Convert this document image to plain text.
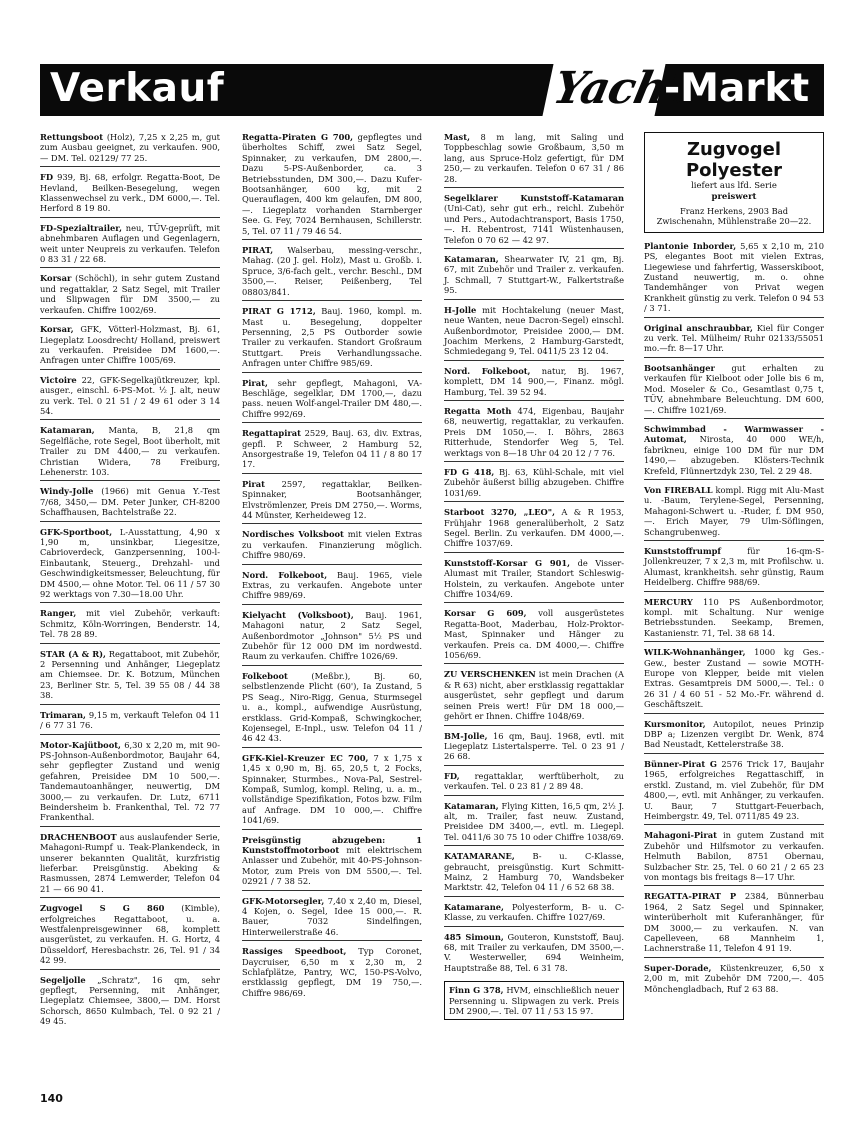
Verkauf	Yacht
-Markt

Rettungsboot (Holz), 7,25 x 2,25 m, gut zum Ausbau geeignet, zu verkaufen. 900,— DM. Tel. 02129/ 77 25.

FD 939, Bj. 68, erfolgr. Regatta-Boot, De Hevland, Beilken-Besegelung, wegen Klassenwechsel zu verk., DM 6000,—. Tel. Herford 8 19 80.

FD-Spezialtrailer, neu, TÜV-geprüft, mit abnehmbaren Auflagen und Gegenlagern, weit unter Neupreis zu verkaufen. Telefon 0 83 31 / 22 68.

Korsar (Schöchl), in sehr gutem Zustand und regattaklar, 2 Satz Segel, mit Trailer und Slipwagen für DM 3500,— zu verkaufen. Chiffre 1002/69.

Korsar, GFK, Vötterl-Holzmast, Bj. 61, Liegeplatz Loosdrecht/ Holland, preiswert zu verkaufen. Preisidee DM 1600,—. Anfragen unter Chiffre 1005/69.

Victoire 22, GFK-Segelkajütkreuzer, kpl. ausger., einschl. 6-PS-Mot. ½ J. alt, neuw zu verk. Tel. 0 21 51 / 2 49 61 oder 3 14 54.

Katamaran, Manta, B, 21,8 qm Segelfläche, rote Segel, Boot überholt, mit Trailer zu DM 4400,— zu verkaufen. Christian Widera, 78 Freiburg, Lehenerstr. 103.

Windy-Jolle (1966) mit Genua Y.-Test 7/68, 3450,— DM. Peter Junker, CH-8200 Schaffhausen, Bachtelstraße 22.

GFK-Sportboot, L-Ausstattung, 4,90 x 1,90 m, unsinkbar, Liegesitze, Cabrioverdeck, Ganzpersenning, 100-l-Einbautank, Steuerg., Drehzahl- und Geschwindigkeitsmesser, Beleuchtung, für DM 4500,— ohne Motor. Tel. 06 11 / 57 30 92 werktags von 7.30—18.00 Uhr.

Ranger, mit viel Zubehör, verkauft: Schmitz, Köln-Worringen, Benderstr. 14, Tel. 78 28 89.

STAR (A & R), Regattaboot, mit Zubehör, 2 Persenning und Anhänger, Liegeplatz am Chiemsee. Dr. K. Botzum, München 23, Berliner Str. 5, Tel. 39 55 08 / 44 38 38.

Trimaran, 9,15 m, verkauft Telefon 04 11 / 6 77 31 76.

Motor-Kajütboot, 6,30 x 2,20 m, mit 90-PS-Johnson-Außenbordmotor, Baujahr 64, sehr gepflegter Zustand und wenig gefahren, Preisidee DM 10 500,—. Tandemautoanhänger, neuwertig, DM 3000,— zu verkaufen. Dr. Lutz, 6711 Beindersheim b. Frankenthal, Tel. 72 77 Frankenthal.

DRACHENBOOT aus auslaufender Serie, Mahagoni-Rumpf u. Teak-Plankendeck, in unserer bekannten Qualität, kurzfristig lieferbar. Preisgünstig. Abeking & Rasmussen, 2874 Lemwerder, Telefon 04 21 — 66 90 41.

Zugvogel S G 860 (Kimble), erfolgreiches Regattaboot, u. a. Westfalenpreisgewinner 68, komplett ausgerüstet, zu verkaufen. H. G. Hortz, 4 Düsseldorf, Heresbachstr. 26, Tel. 91 / 34 42 99.

Segeljolle „Schratz", 16 qm, sehr gepflegt, Persenning, mit Anhänger, Liegeplatz Chiemsee, 3800,— DM. Horst Schorsch, 8650 Kulmbach, Tel. 0 92 21 / 49 45.

Regatta-Piraten G 700, gepflegtes und überholtes Schiff, zwei Satz Segel, Spinnaker, zu verkaufen, DM 2800,—. Dazu 5-PS-Außenborder, ca. 3 Betriebsstunden, DM 300,—. Dazu Kufer-Bootsanhänger, 600 kg, mit 2 Querauflagen, 400 km gelaufen, DM 800,—. Liegeplatz vorhanden Starnberger See. G. Fey, 7024 Bernhausen, Schillerstr. 5, Tel. 07 11 / 79 46 54.

PIRAT, Walserbau, messing-verschr., Mahag. (20 J. gel. Holz), Mast u. Großb. i. Spruce, 3/6-fach gelt., verchr. Beschl., DM 3500,—. Reiser, Peißenberg, Tel 08803/841.

PIRAT G 1712, Bauj. 1960, kompl. m. Mast u. Besegelung, doppelter Persenning, 2,5 PS Outborder sowie Trailer zu verkaufen. Standort Großraum Stuttgart. Preis Verhandlungssache. Anfragen unter Chiffre 985/69.

Pirat, sehr gepflegt, Mahagoni, VA-Beschläge, segelklar, DM 1700,—, dazu pass. neuen Wolf-angel-Trailer DM 480,—. Chiffre 992/69.

Regattapirat 2529, Bauj. 63, div. Extras, gepfl. P. Schweer, 2 Hamburg 52, Ansorgestraße 19, Telefon 04 11 / 8 80 17 17.

Pirat 2597, regattaklar, Beilken-Spinnaker, Bootsanhänger, Elvströmlenzer, Preis DM 2750,—. Worms, 44 Münster, Kerheideweg 12.

Nordisches Volksboot mit vielen Extras zu verkaufen. Finanzierung möglich. Chiffre 980/69.

Nord. Folkeboot, Bauj. 1965, viele Extras, zu verkaufen. Angebote unter Chiffre 989/69.

Kielyacht (Volksboot), Bauj. 1961, Mahagoni natur, 2 Satz Segel, Außenbordmotor „Johnson" 5½ PS und Zubehör für 12 000 DM im nordwestd. Raum zu verkaufen. Chiffre 1026/69.

Folkeboot (Meßbr.), Bj. 60, selbstlenzende Plicht (60'), Ia Zustand, 5 PS Seag., Niro-Rigg, Genua, Sturmsegel u. a., kompl., aufwendige Ausrüstung, erstklass. Grid-Kompaß, Schwingkocher, Kojensegel, E-Inpl., usw. Telefon 04 11 / 46 42 43.

GFK-Kiel-Kreuzer EC 700, 7 x 1,75 x 1,45 x 0,90 m, Bj. 65, 20,5 t, 2 Focks, Spinnaker, Sturmbes., Nova-Pal, Sestrel-Kompaß, Sumlog, kompl. Reling, u. a. m., vollständige Spezifikation, Fotos bzw. Film auf Anfrage. DM 10 000,—. Chiffre 1041/69.

Preisgünstig abzugeben: 1 Kunststoffmotorboot mit elektrischem Anlasser und Zubehör, mit 40-PS-Johnson-Motor, zum Preis von DM 5500,—. Tel. 02921 / 7 38 52.

GFK-Motorsegler, 7,40 x 2,40 m, Diesel, 4 Kojen, o. Segel, Idee 15 000,—. R. Bauer, 7032 Sindelfingen, Hinterweilerstraße 46.

Rassiges Speedboot, Typ Coronet, Daycruiser, 6,50 m x 2,30 m, 2 Schlafplätze, Pantry, WC, 150-PS-Volvo, erstklassig gepflegt, DM 19 750,—. Chiffre 986/69.

Mast, 8 m lang, mit Saling und Toppbeschlag sowie Großbaum, 3,50 m lang, aus Spruce-Holz gefertigt, für DM 250,— zu verkaufen. Telefon 0 67 31 / 86 28.

Segelklarer Kunststoff-Katamaran (Uni-Cat), sehr gut erh., reichl. Zubehör und Pers., Autodachtransport, Basis 1750,—. H. Rebentrost, 7141 Wüstenhausen, Telefon 0 70 62 — 42 97.

Katamaran, Shearwater IV, 21 qm, Bj. 67, mit Zubehör und Trailer z. verkaufen. J. Schmall, 7 Stuttgart-W., Falkertstraße 95.

H-Jolle mit Hochtakelung (neuer Mast, neue Wanten, neue Dacron-Segel) einschl. Außenbordmotor, Preisidee 2000,— DM. Joachim Merkens, 2 Hamburg-Garstedt, Schmiedegang 9, Tel. 0411/5 23 12 04.

Nord. Folkeboot, natur, Bj. 1967, komplett, DM 14 900,—, Finanz. mögl. Hamburg, Tel. 39 52 94.

Regatta Moth 474, Eigenbau, Baujahr 68, neuwertig, regattaklar, zu verkaufen. Preis DM 1050,—. I. Böhrs, 2863 Ritterhude, Stendorfer Weg 5, Tel. werktags von 8—18 Uhr 04 20 12 / 7 76.

FD G 418, Bj. 63, Kühl-Schale, mit viel Zubehör äußerst billig abzugeben. Chiffre 1031/69.

Starboot 3270, „LEO", A & R 1953, Frühjahr 1968 generalüberholt, 2 Satz Segel. Berlin. Zu verkaufen. DM 4000,—. Chiffre 1037/69.

Kunststoff-Korsar G 901, de Visser-Alumast mit Trailer, Standort Schleswig-Holstein, zu verkaufen. Angebote unter Chiffre 1034/69.

Korsar G 609, voll ausgerüstetes Regatta-Boot, Maderbau, Holz-Proktor-Mast, Spinnaker und Hänger zu verkaufen. Preis ca. DM 4000,—. Chiffre 1056/69.

ZU VERSCHENKEN ist mein Drachen (A & R 63) nicht, aber erstklassig regattaklar ausgerüstet, sehr gepflegt und darum seinen Preis wert! Für DM 18 000,— gehört er Ihnen. Chiffre 1048/69.

BM-Jolle, 16 qm, Bauj. 1968, evtl. mit Liegeplatz Listertalsperre. Tel. 0 23 91 / 26 68.

FD, regattaklar, werftüberholt, zu verkaufen. Tel. 0 23 81 / 2 89 48.

Katamaran, Flying Kitten, 16,5 qm, 2½ J. alt, m. Trailer, fast neuw. Zustand, Preisidee DM 3400,—, evtl. m. Liegepl. Tel. 0411/6 30 75 10 oder Chiffre 1038/69.

KATAMARANE, B- u. C-Klasse, gebraucht, preisgünstig. Kurt Schmitt-Mainz, 2 Hamburg 70, Wandsbeker Marktstr. 42, Telefon 04 11 / 6 52 68 38.

Katamarane, Polyesterform, B- u. C-Klasse, zu verkaufen. Chiffre 1027/69.

485 Simoun, Gouteron, Kunststoff, Bauj. 68, mit Trailer zu verkaufen, DM 3500,—. V. Westerweller, 694 Weinheim, Hauptstraße 88, Tel. 6 31 78.

Finn G 378, HVM, einschließlich neuer Persenning u. Slipwagen zu verk. Preis DM 2900,—. Tel. 07 11 / 53 15 97.
Zugvogel
Polyester
liefert aus lfd. Serie
preiswert
Franz Herkens, 2903 Bad Zwischenahn, Mühlenstraße 20—22.

Plantonie Inborder, 5,65 x 2,10 m, 210 PS, elegantes Boot mit vielen Extras, Liegewiese und fahrfertig, Wasserskiboot, Zustand neuwertig, m. o. ohne Tandemhänger von Privat wegen Krankheit günstig zu verk. Telefon 0 94 53 / 3 71.

Original anschraubbar, Kiel für Conger zu verk. Tel. Mülheim/ Ruhr 02133/55051 mo.—fr. 8—17 Uhr.

Bootsanhänger gut erhalten zu verkaufen für Kielboot oder Jolle bis 6 m, Mod. Moseler & Co., Gesamtlast 0,75 t, TÜV, abnehmbare Beleuchtung. DM 600,—. Chiffre 1021/69.

Schwimmbad - Warmwasser - Automat, Nirosta, 40 000 WE/h, fabrikneu, einige 100 DM für nur DM 1490,— abzugeben. Klösters-Technik Krefeld, Flünnertzdyk 230, Tel. 2 29 48.

Von FIREBALL kompl. Rigg mit Alu-Mast u. -Baum, Terylene-Segel, Persenning, Mahagoni-Schwert u. -Ruder, f. DM 950,—. Erich Mayer, 79 Ulm-Söflingen, Schangrubenweg.

Kunststoffrumpf für 16-qm-S-Jollenkreuzer, 7 x 2,3 m, mit Profilschw. u. Alumast, krankheitsh. sehr günstig, Raum Heidelberg. Chiffre 988/69.

MERCURY 110 PS Außenbordmotor, kompl. mit Schaltung. Nur wenige Betriebsstunden. Seekamp, Bremen, Kastanienstr. 71, Tel. 38 68 14.

WILK-Wohnanhänger, 1000 kg Ges.-Gew., bester Zustand — sowie MOTH-Europe von Klepper, beide mit vielen Extras. Gesamtpreis DM 5000,—. Tel.: 0 26 31 / 4 60 51 - 52 Mo.-Fr. während d. Geschäftszeit.

Kursmonitor, Autopilot, neues Prinzip DBP a; Lizenzen vergibt Dr. Wenk, 874 Bad Neustadt, Kettelerstraße 38.

Bünner-Pirat G 2576 Trick 17, Baujahr 1965, erfolgreiches Regattaschiff, in erstkl. Zustand, m. viel Zubehör, für DM 4800,—, evtl. mit Anhänger, zu verkaufen. U. Baur, 7 Stuttgart-Feuerbach, Heimbergstr. 49, Tel. 0711/85 49 23.

Mahagoni-Pirat in gutem Zustand mit Zubehör und Hilfsmotor zu verkaufen. Helmuth Babilon, 8751 Obernau, Sulzbacher Str. 25, Tel. 0 60 21 / 2 65 23 von montags bis freitags 8—17 Uhr.

REGATTA-PIRAT P 2384, Bünnerbau 1964, 2 Satz Segel und Spinnaker, winterüberholt mit Kuferanhänger, für DM 3000,— zu verkaufen. N. van Capelleveen, 68 Mannheim 1, Lachnerstraße 11, Telefon 4 91 19.

Super-Dorade, Küstenkreuzer, 6,50 x 2,00 m, mit Zubehör DM 7200,—. 405 Mönchengladbach, Ruf 2 63 88.

140
